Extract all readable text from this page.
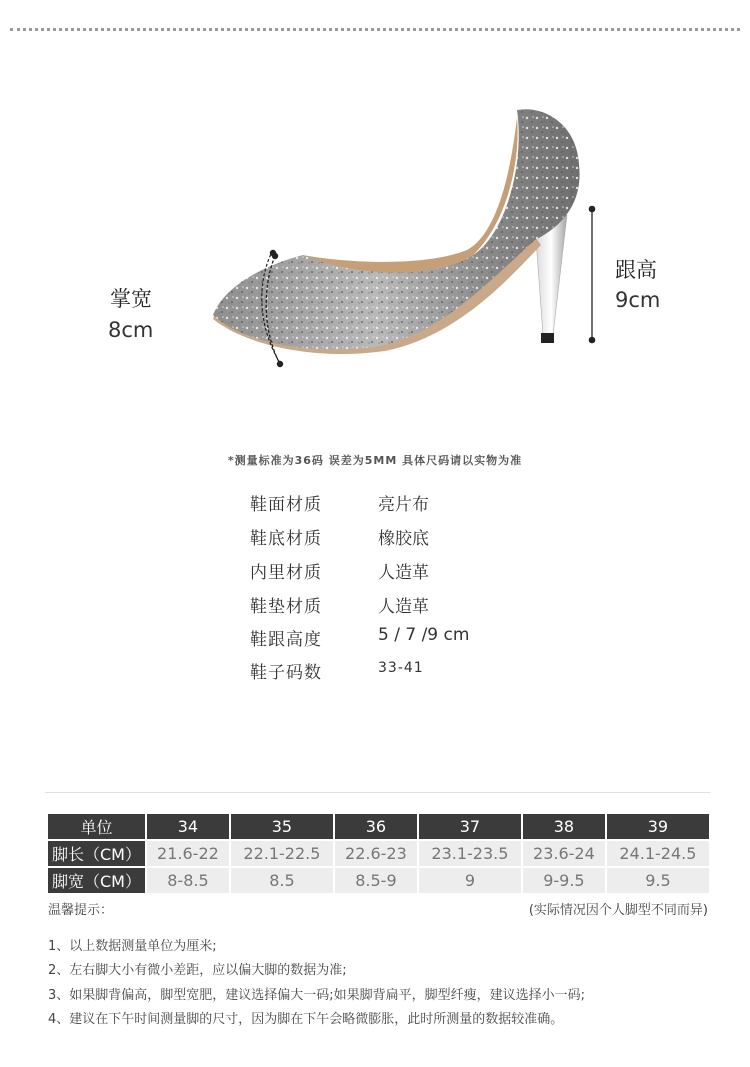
掌宽
8cm
跟高
9cm
*测量标准为36码 误差为5MM 具体尺码请以实物为准
鞋面材质	亮片布
鞋底材质	橡胶底
内里材质	人造革
鞋垫材质	人造革
鞋跟高度	5 / 7 /9 cm
鞋子码数	33-41
单位	34	35	36	37	38	39
脚长（CM）	21.6-22	22.1-22.5	22.6-23	23.1-23.5	23.6-24	24.1-24.5
脚宽（CM）	8-8.5	8.5	8.5-9	9	9-9.5	9.5
温馨提示：	(实际情况因个人脚型不同而异)
1、以上数据测量单位为厘米;
2、左右脚大小有微小差距，应以偏大脚的数据为准;
3、如果脚背偏高，脚型宽肥，建议选择偏大一码;如果脚背扁平，脚型纤瘦，建议选择小一码;
4、建议在下午时间测量脚的尺寸，因为脚在下午会略微膨胀，此时所测量的数据较准确。
